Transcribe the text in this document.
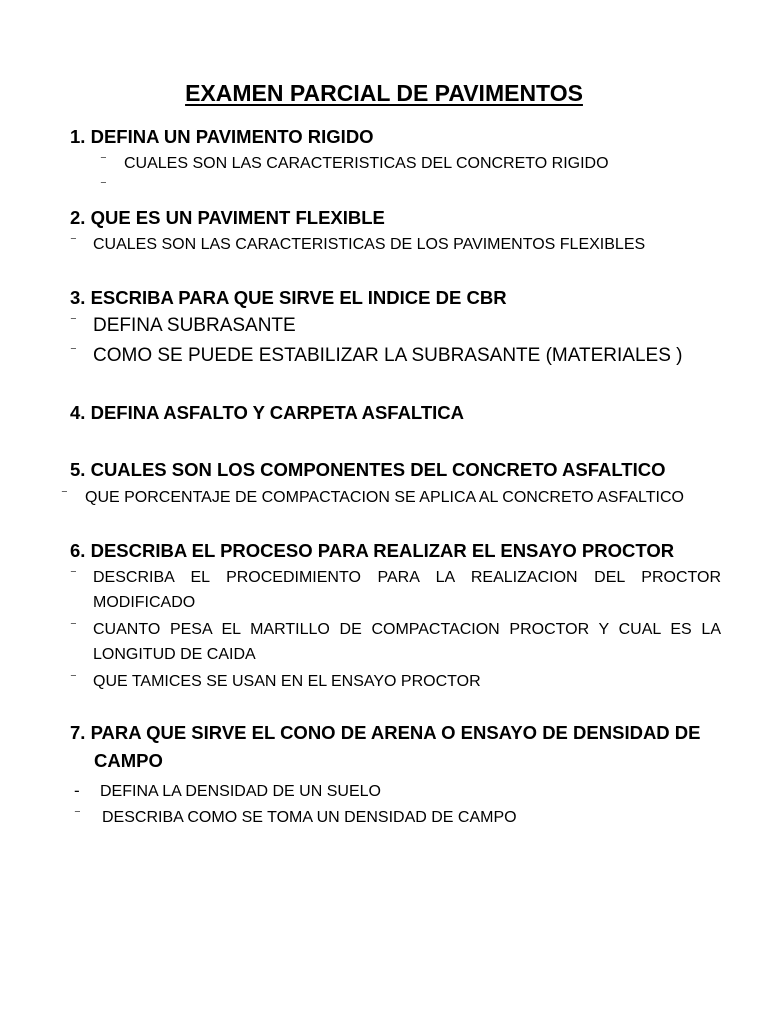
EXAMEN PARCIAL DE PAVIMENTOS
1. DEFINA UN PAVIMENTO RIGIDO
⁻ CUALES SON LAS CARACTERISTICAS DEL CONCRETO RIGIDO
⁻
2. QUE ES UN PAVIMENT FLEXIBLE
⁻ CUALES SON LAS CARACTERISTICAS DE LOS PAVIMENTOS FLEXIBLES
3. ESCRIBA PARA QUE SIRVE EL INDICE DE CBR
⁻ DEFINA SUBRASANTE
⁻ COMO SE PUEDE ESTABILIZAR LA SUBRASANTE (MATERIALES )
4. DEFINA ASFALTO Y CARPETA ASFALTICA
5. CUALES SON LOS COMPONENTES DEL CONCRETO ASFALTICO
⁻ QUE PORCENTAJE DE COMPACTACION SE APLICA AL CONCRETO ASFALTICO
6. DESCRIBA EL PROCESO PARA REALIZAR EL ENSAYO PROCTOR
⁻ DESCRIBA EL PROCEDIMIENTO PARA LA REALIZACION DEL PROCTOR
MODIFICADO
⁻ CUANTO PESA EL MARTILLO DE COMPACTACION PROCTOR Y CUAL ES LA
LONGITUD DE CAIDA
⁻ QUE TAMICES SE USAN EN EL ENSAYO PROCTOR
7. PARA QUE SIRVE EL CONO DE ARENA O ENSAYO DE DENSIDAD DE
CAMPO
- DEFINA LA DENSIDAD DE UN SUELO
⁻ DESCRIBA COMO SE TOMA UN DENSIDAD DE CAMPO
